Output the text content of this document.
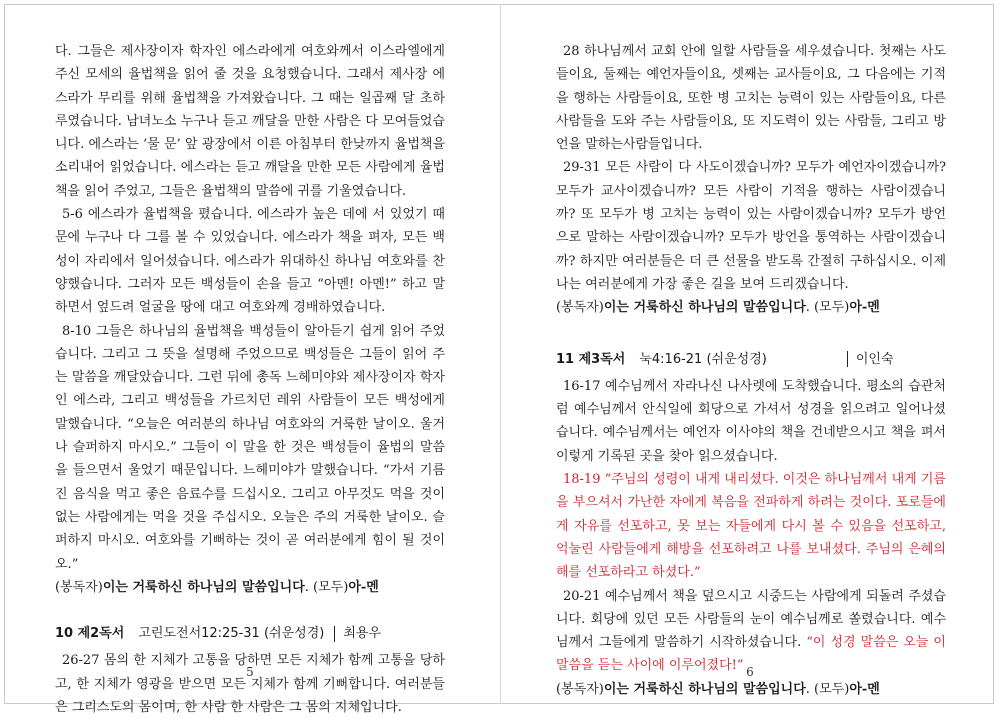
다. 그들은 제사장이자 학자인 에스라에게 여호와께서 이스라엘에게 주신 모세의 율법책을 읽어 줄 것을 요청했습니다. 그래서 제사장 에스라가 무리를 위해 율법책을 가져왔습니다. 그 때는 일곱째 달 초하루였습니다. 남녀노소 누구나 듣고 깨달을 만한 사람은 다 모여들었습니다. 에스라는 ‘물 문’ 앞 광장에서 이른 아침부터 한낮까지 율법책을 소리내어 읽었습니다. 에스라는 듣고 깨달을 만한 모든 사람에게 율법책을 읽어 주었고, 그들은 율법책의 말씀에 귀를 기울였습니다.

5-6 에스라가 율법책을 폈습니다. 에스라가 높은 데에 서 있었기 때문에 누구나 다 그를 볼 수 있었습니다. 에스라가 책을 펴자, 모든 백성이 자리에서 일어섰습니다. 에스라가 위대하신 하나님 여호와를 찬양했습니다. 그러자 모든 백성들이 손을 들고 “아멘! 아멘!” 하고 말하면서 엎드려 얼굴을 땅에 대고 여호와께 경배하였습니다.

8-10 그들은 하나님의 율법책을 백성들이 알아듣기 쉽게 읽어 주었습니다. 그리고 그 뜻을 설명해 주었으므로 백성들은 그들이 읽어 주는 말씀을 깨달았습니다. 그런 뒤에 총독 느헤미야와 제사장이자 학자인 에스라, 그리고 백성들을 가르치던 레위 사람들이 모든 백성에게 말했습니다. “오늘은 여러분의 하나님 여호와의 거룩한 날이오. 울거나 슬퍼하지 마시오.” 그들이 이 말을 한 것은 백성들이 율법의 말씀을 들으면서 울었기 때문입니다. 느헤미야가 말했습니다. “가서 기름진 음식을 먹고 좋은 음료수를 드십시오. 그리고 아무것도 먹을 것이 없는 사람에게는 먹을 것을 주십시오. 오늘은 주의 거룩한 날이오. 슬퍼하지 마시오. 여호와를 기뻐하는 것이 곧 여러분에게 힘이 될 것이오.”

(봉독자)이는 거룩하신 하나님의 말씀입니다. (모두)아-멘

10 제2독서 고린도전서12:25-31 (쉬운성경) 최용우

26-27 몸의 한 지체가 고통을 당하면 모든 지체가 함께 고통을 당하고, 한 지체가 영광을 받으면 모든 지체가 함께 기뻐합니다. 여러분들은 그리스도의 몸이며, 한 사람 한 사람은 그 몸의 지체입니다.

5

28 하나님께서 교회 안에 일할 사람들을 세우셨습니다. 첫째는 사도들이요, 둘째는 예언자들이요, 셋째는 교사들이요, 그 다음에는 기적을 행하는 사람들이요, 또한 병 고치는 능력이 있는 사람들이요, 다른 사람들을 도와 주는 사람들이요, 또 지도력이 있는 사람들, 그리고 방언을 말하는사람들입니다.

29-31 모든 사람이 다 사도이겠습니까? 모두가 예언자이겠습니까? 모두가 교사이겠습니까? 모든 사람이 기적을 행하는 사람이겠습니까? 또 모두가 병 고치는 능력이 있는 사람이겠습니까? 모두가 방언으로 말하는 사람이겠습니까? 모두가 방언을 통역하는 사람이겠습니까? 하지만 여러분들은 더 큰 선물을 받도록 간절히 구하십시오. 이제 나는 여러분에게 가장 좋은 길을 보여 드리겠습니다.

(봉독자)이는 거룩하신 하나님의 말씀입니다. (모두)아-멘

11 제3독서 눅4:16-21 (쉬운성경)	이인숙

16-17 예수님께서 자라나신 나사렛에 도착했습니다. 평소의 습관처럼 예수님께서 안식일에 회당으로 가셔서 성경을 읽으려고 일어나셨습니다. 예수님께서는 예언자 이사야의 책을 건네받으시고 책을 펴서 이렇게 기록된 곳을 찾아 읽으셨습니다.

18-19 “주님의 성령이 내게 내리셨다. 이것은 하나님께서 내게 기름을 부으셔서 가난한 자에게 복음을 전파하게 하려는 것이다. 포로들에게 자유를 선포하고, 못 보는 자들에게 다시 볼 수 있음을 선포하고, 억눌린 사람들에게 해방을 선포하려고 나를 보내셨다. 주님의 은혜의 해를 선포하라고 하셨다.”

20-21 예수님께서 책을 덮으시고 시중드는 사람에게 되돌려 주셨습니다. 회당에 있던 모든 사람들의 눈이 예수님께로 쏠렸습니다. 예수님께서 그들에게 말씀하기 시작하셨습니다. “이 성경 말씀은 오늘 이 말씀을 듣는 사이에 이루어졌다!”

(봉독자)이는 거룩하신 하나님의 말씀입니다. (모두)아-멘

6
